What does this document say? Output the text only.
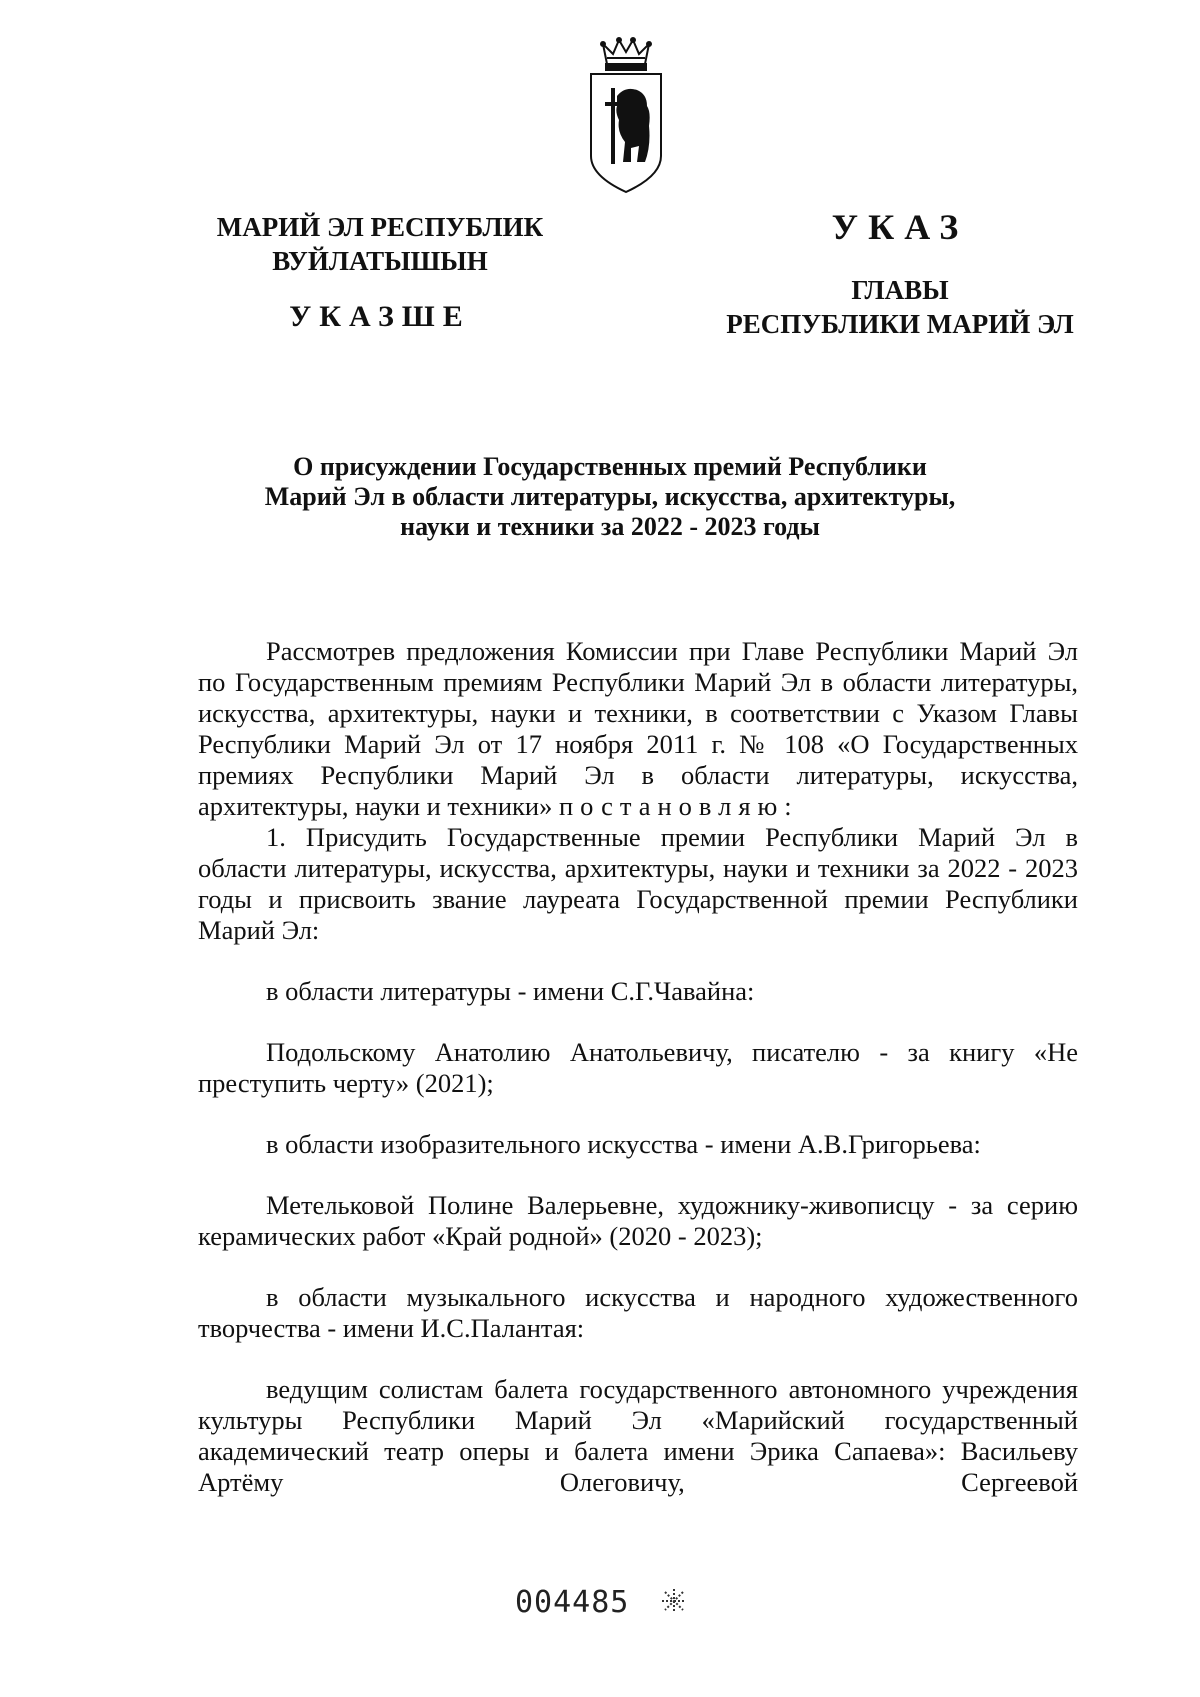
МАРИЙ ЭЛ РЕСПУБЛИК
ВУЙЛАТЫШЫН
УКАЗШЕ
УКАЗ
ГЛАВЫ
РЕСПУБЛИКИ МАРИЙ ЭЛ
О присуждении Государственных премий Республики
Марий Эл в области литературы, искусства, архитектуры,
науки и техники за 2022 - 2023 годы

Рассмотрев предложения Комиссии при Главе Республики Марий Эл по Государственным премиям Республики Марий Эл в области литературы, искусства, архитектуры, науки и техники, в соответствии с Указом Главы Республики Марий Эл от 17 ноября 2011 г. № 108 «О Государственных премиях Республики Марий Эл в области литературы, искусства, архитектуры, науки и техники» постановляю:

1. Присудить Государственные премии Республики Марий Эл в области литературы, искусства, архитектуры, науки и техники за 2022 - 2023 годы и присвоить звание лауреата Государственной премии Республики Марий Эл:

в области литературы - имени С.Г.Чавайна:

Подольскому Анатолию Анатольевичу, писателю - за книгу «Не преступить черту» (2021);

в области изобразительного искусства - имени А.В.Григорьева:

Метельковой Полине Валерьевне, художнику-живописцу - за серию керамических работ «Край родной» (2020 - 2023);

в области музыкального искусства и народного художественного творчества - имени И.С.Палантая:

ведущим солистам балета государственного автономного учреждения культуры Республики Марий Эл «Марийский государственный академический театр оперы и балета имени Эрика Сапаева»: Васильеву Артёму Олеговичу, Сергеевой

004485
